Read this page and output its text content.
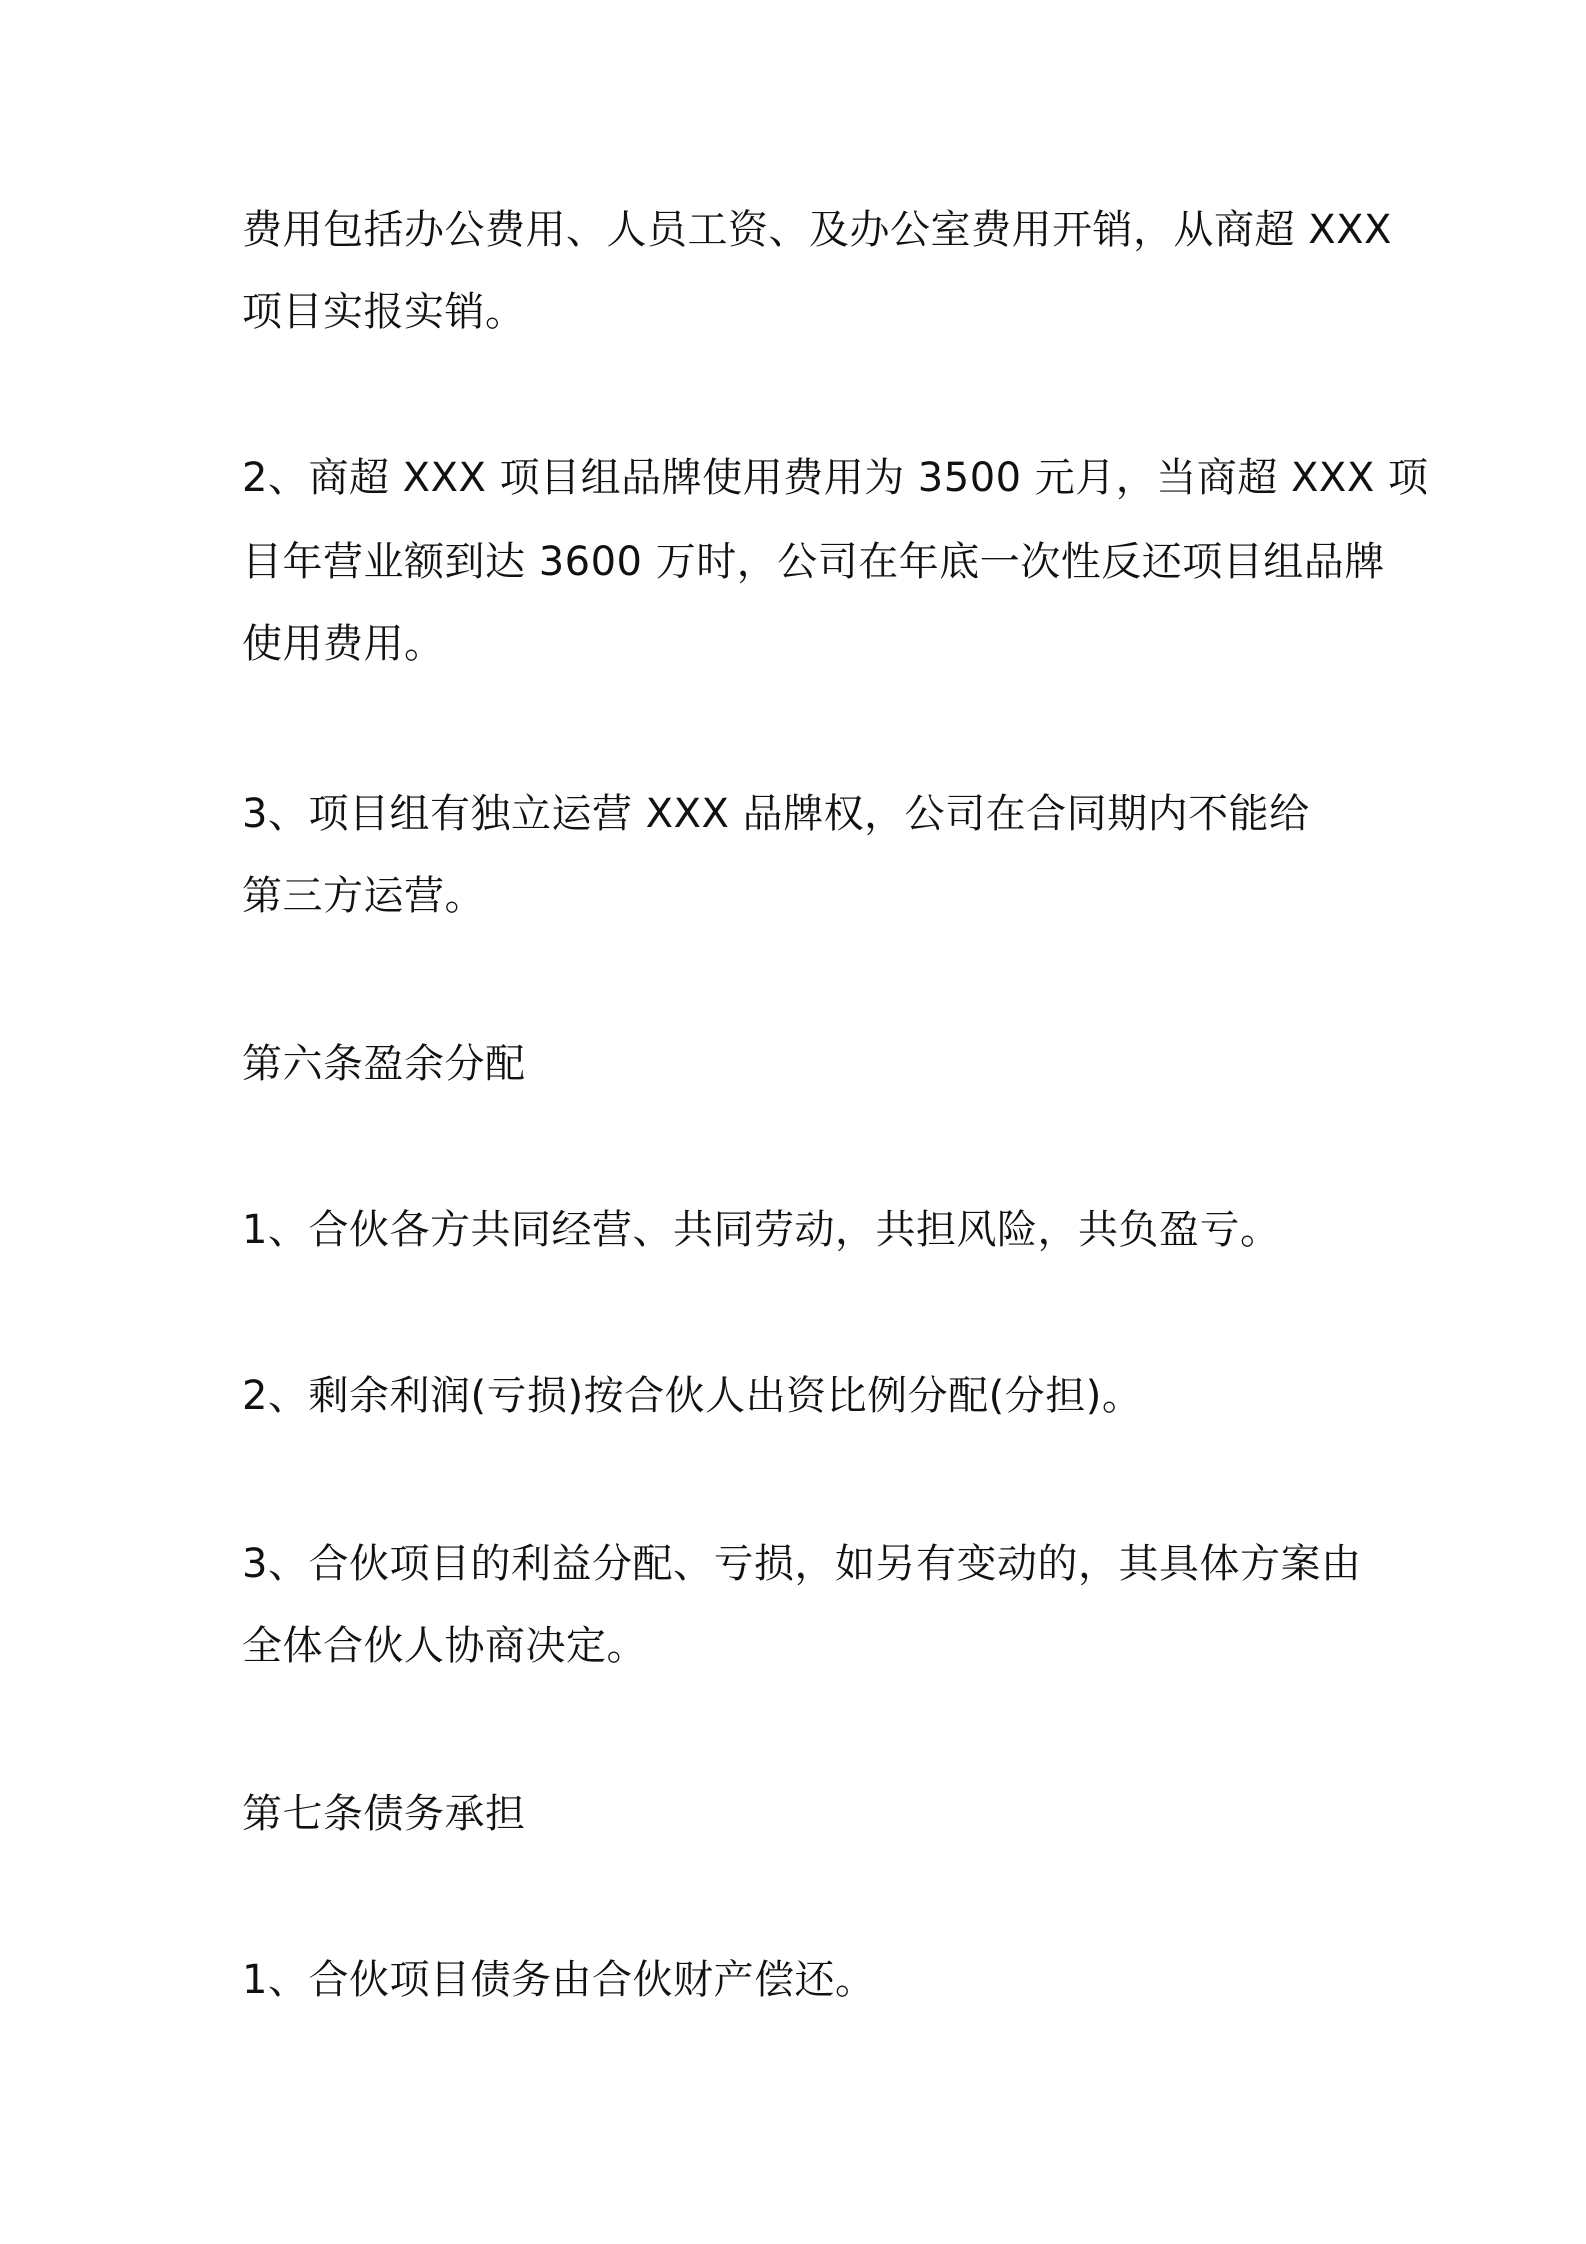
费用包括办公费用、人员工资、及办公室费用开销，从商超 XXX

项目实报实销。

2、商超 XXX 项目组品牌使用费用为 3500 元月，当商超 XXX 项

目年营业额到达 3600 万时，公司在年底一次性反还项目组品牌

使用费用。

3、项目组有独立运营 XXX 品牌权，公司在合同期内不能给

第三方运营。

第六条盈余分配

1、合伙各方共同经营、共同劳动，共担风险，共负盈亏。

2、剩余利润(亏损)按合伙人出资比例分配(分担)。

3、合伙项目的利益分配、亏损，如另有变动的，其具体方案由

全体合伙人协商决定。

第七条债务承担

1、合伙项目债务由合伙财产偿还。
